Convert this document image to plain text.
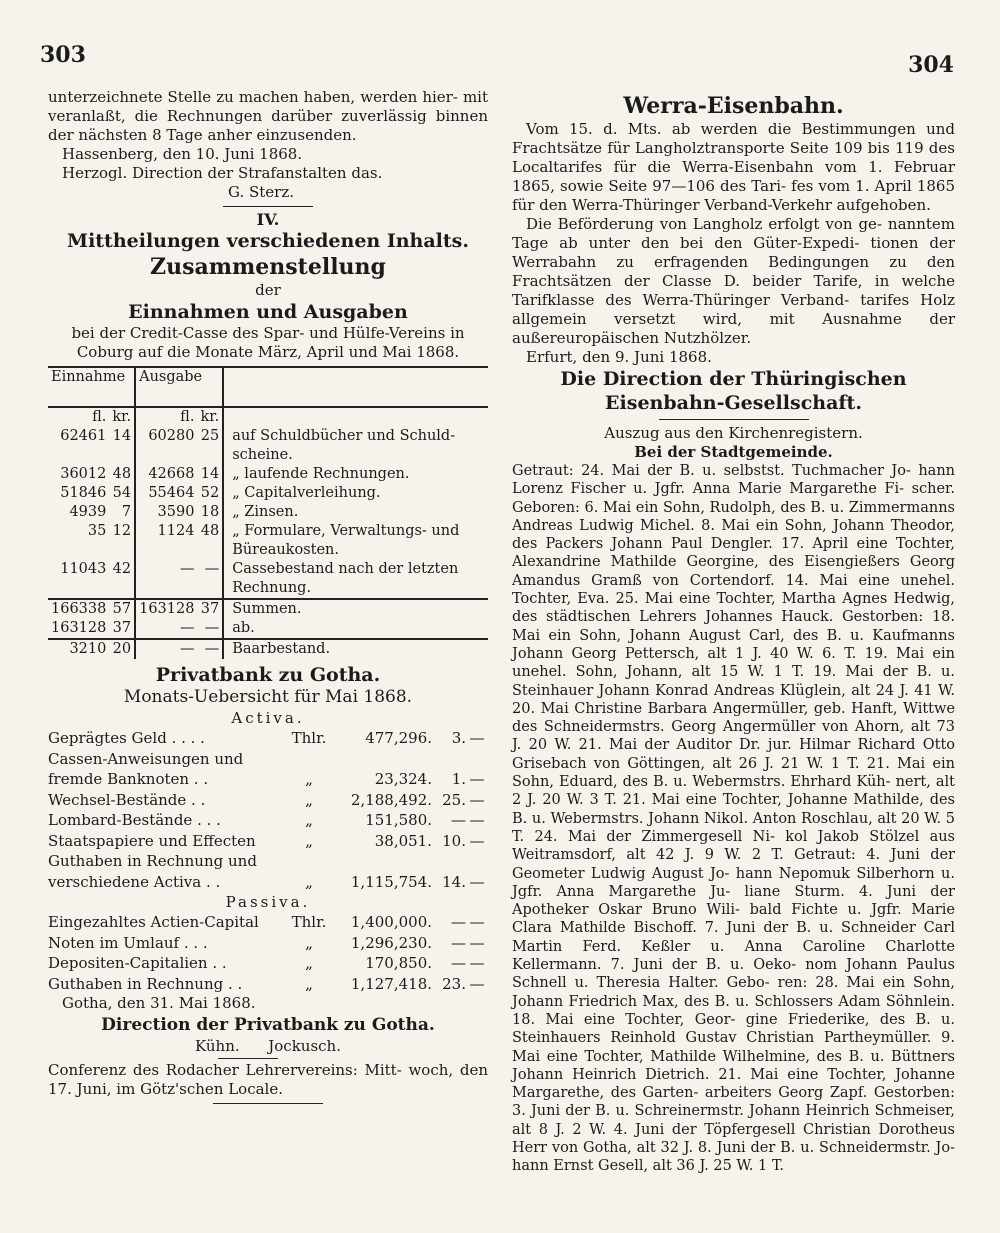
303	304

unterzeichnete Stelle zu machen haben, werden hier- mit veranlaßt, die Rechnungen darüber zuverlässig binnen der nächsten 8 Tage anher einzusenden.

Hassenberg, den 10. Juni 1868.

Herzogl. Direction der Strafanstalten das.

G. Sterz.

IV.

Mittheilungen verschiedenen Inhalts.

Zusammenstellung

der

Einnahmen und Ausgaben

bei der Credit-Casse des Spar- und Hülfe-Vereins in Coburg auf die Monate März, April und Mai 1868.

Einnahme		Ausgabe		
fl.	kr.	fl.	kr.	
62461	14	60280	25	auf Schuldbücher und Schuld- scheine.
36012	48	42668	14	„ laufende Rechnungen.
51846	54	55464	52	„ Capitalverleihung.
4939	7	3590	18	„ Zinsen.
35	12	1124	48	„ Formulare, Verwaltungs- und Büreaukosten.
11043	42	—	—	Cassebestand nach der letzten Rechnung.
166338	57	163128	37	Summen.
163128	37	—	—	ab.
3210	20	—	—	Baarbestand.

Privatbank zu Gotha.

Monats-Uebersicht für Mai 1868.

Activa.
Geprägtes Geld . . . .	Thlr.	477,296.	3. —
Cassen-Anweisungen und
fremde Banknoten . .	„	23,324.	1. —
Wechsel-Bestände . .	„	2,188,492. 25. —
Lombard-Bestände . . .	„	151,580.	— —
Staatspapiere und Effecten	„	38,051. 10. —
Guthaben in Rechnung und
verschiedene Activa . .	„	1,115,754. 14. —
Passiva.
Eingezahltes Actien-Capital	Thlr.	1,400,000.	— —
Noten im Umlauf . . .	„	1,296,230.	— —
Depositen-Capitalien . .	„	170,850.	— —
Guthaben in Rechnung . .	„	1,127,418. 23. —

Gotha, den 31. Mai 1868.

Direction der Privatbank zu Gotha.

Kühn.      Jockusch.

Conferenz des Rodacher Lehrervereins: Mitt- woch, den 17. Juni, im Götz'schen Locale.

Werra-Eisenbahn.

Vom 15. d. Mts. ab werden die Bestimmungen und Frachtsätze für Langholztransporte Seite 109 bis 119 des Localtarifes für die Werra-Eisenbahn vom 1. Februar 1865, sowie Seite 97—106 des Tari- fes vom 1. April 1865 für den Werra-Thüringer Verband-Verkehr aufgehoben.

Die Beförderung von Langholz erfolgt von ge- nanntem Tage ab unter den bei den Güter-Expedi- tionen der Werrabahn zu erfragenden Bedingungen zu den Frachtsätzen der Classe D. beider Tarife, in welche Tarifklasse des Werra-Thüringer Verband- tarifes Holz allgemein versetzt wird, mit Ausnahme der außereuropäischen Nutzhölzer.

Erfurt, den 9. Juni 1868.

Die Direction der Thüringischen

Eisenbahn-Gesellschaft.

Auszug aus den Kirchenregistern.

Bei der Stadtgemeinde.

Getraut: 24. Mai der B. u. selbstst. Tuchmacher Jo- hann Lorenz Fischer u. Jgfr. Anna Marie Margarethe Fi- scher. Geboren: 6. Mai ein Sohn, Rudolph, des B. u. Zimmermanns Andreas Ludwig Michel. 8. Mai ein Sohn, Johann Theodor, des Packers Johann Paul Dengler. 17. April eine Tochter, Alexandrine Mathilde Georgine, des Eisengießers Georg Amandus Gramß von Cortendorf. 14. Mai eine unehel. Tochter, Eva. 25. Mai eine Tochter, Martha Agnes Hedwig, des städtischen Lehrers Johannes Hauck. Gestorben: 18. Mai ein Sohn, Johann August Carl, des B. u. Kaufmanns Johann Georg Pettersch, alt 1 J. 40 W. 6. T. 19. Mai ein unehel. Sohn, Johann, alt 15 W. 1 T. 19. Mai der B. u. Steinhauer Johann Konrad Andreas Klüglein, alt 24 J. 41 W. 20. Mai Christine Barbara Angermüller, geb. Hanft, Wittwe des Schneidermstrs. Georg Angermüller von Ahorn, alt 73 J. 20 W. 21. Mai der Auditor Dr. jur. Hilmar Richard Otto Grisebach von Göttingen, alt 26 J. 21 W. 1 T. 21. Mai ein Sohn, Eduard, des B. u. Webermstrs. Ehrhard Küh- nert, alt 2 J. 20 W. 3 T. 21. Mai eine Tochter, Johanne Mathilde, des B. u. Webermstrs. Johann Nikol. Anton Roschlau, alt 20 W. 5 T. 24. Mai der Zimmergesell Ni- kol Jakob Stölzel aus Weitramsdorf, alt 42 J. 9 W. 2 T. Getraut: 4. Juni der Geometer Ludwig August Jo- hann Nepomuk Silberhorn u. Jgfr. Anna Margarethe Ju- liane Sturm. 4. Juni der Apotheker Oskar Bruno Wili- bald Fichte u. Jgfr. Marie Clara Mathilde Bischoff. 7. Juni der B. u. Schneider Carl Martin Ferd. Keßler u. Anna Caroline Charlotte Kellermann. 7. Juni der B. u. Oeko- nom Johann Paulus Schnell u. Theresia Halter. Gebo- ren: 28. Mai ein Sohn, Johann Friedrich Max, des B. u. Schlossers Adam Söhnlein. 18. Mai eine Tochter, Geor- gine Friederike, des B. u. Steinhauers Reinhold Gustav Christian Partheymüller. 9. Mai eine Tochter, Mathilde Wilhelmine, des B. u. Büttners Johann Heinrich Dietrich. 21. Mai eine Tochter, Johanne Margarethe, des Garten- arbeiters Georg Zapf. Gestorben: 3. Juni der B. u. Schreinermstr. Johann Heinrich Schmeiser, alt 8 J. 2 W. 4. Juni der Töpfergesell Christian Dorotheus Herr von Gotha, alt 32 J. 8. Juni der B. u. Schneidermstr. Jo- hann Ernst Gesell, alt 36 J. 25 W. 1 T.
